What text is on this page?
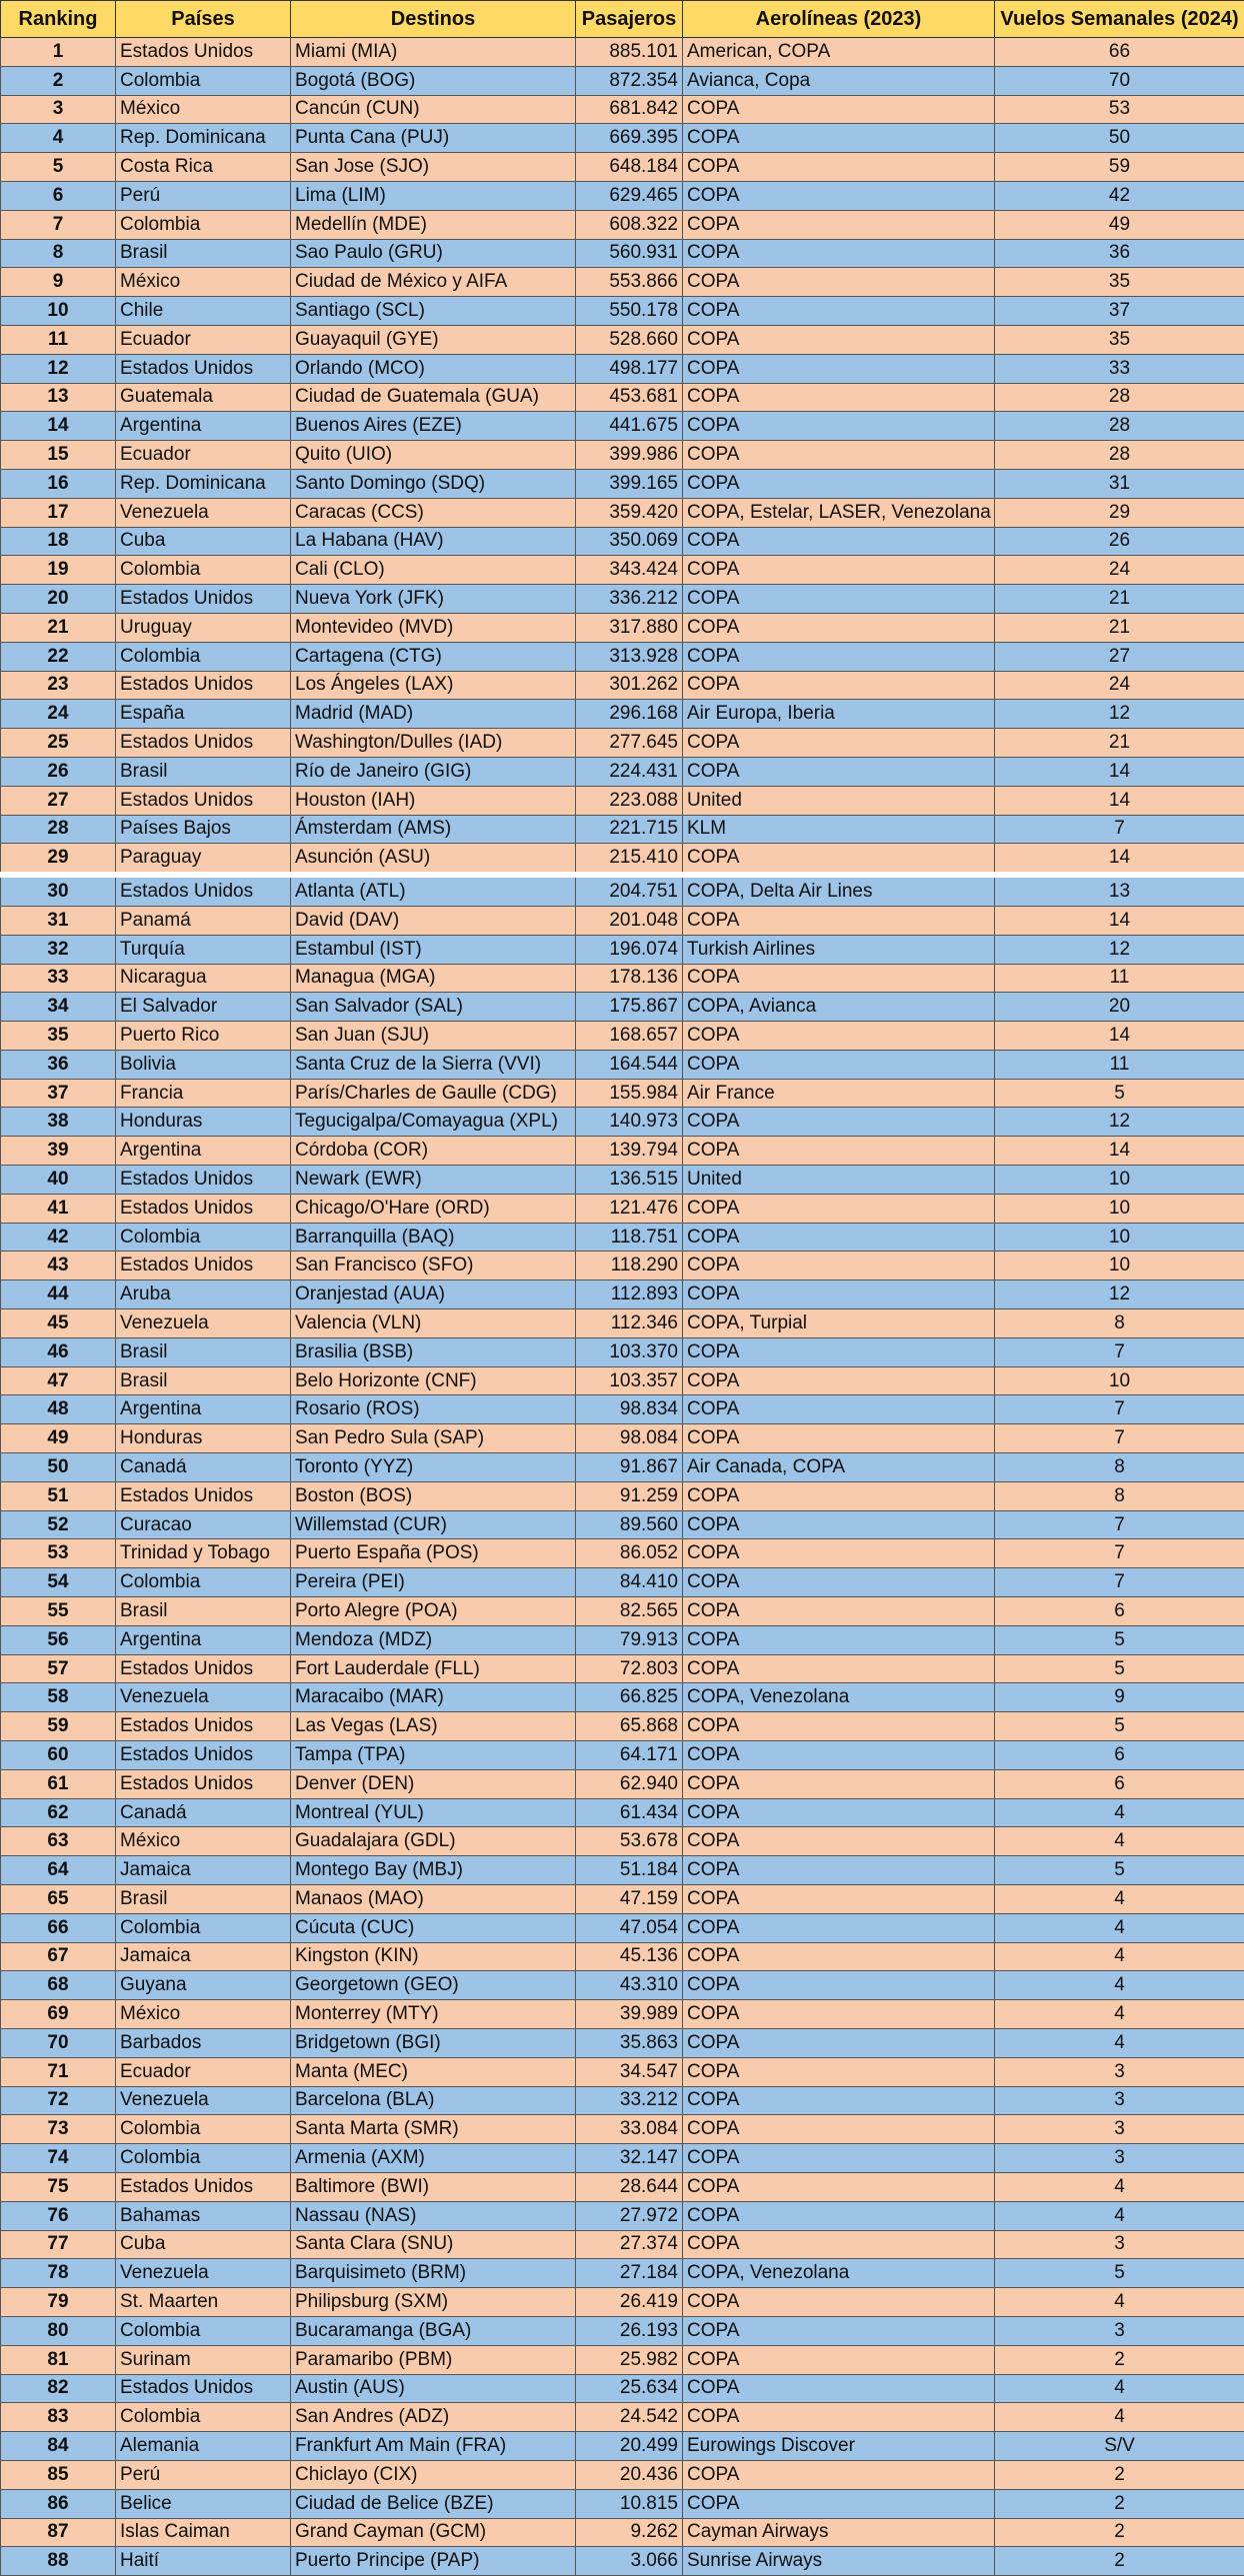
Ranking	Países	Destinos	Pasajeros	Aerolíneas (2023)	Vuelos Semanales (2024)
1	Estados Unidos	Miami (MIA)	885.101	American, COPA	66
2	Colombia	Bogotá (BOG)	872.354	Avianca, Copa	70
3	México	Cancún (CUN)	681.842	COPA	53
4	Rep. Dominicana	Punta Cana (PUJ)	669.395	COPA	50
5	Costa Rica	San Jose (SJO)	648.184	COPA	59
6	Perú	Lima (LIM)	629.465	COPA	42
7	Colombia	Medellín (MDE)	608.322	COPA	49
8	Brasil	Sao Paulo (GRU)	560.931	COPA	36
9	México	Ciudad de México y AIFA	553.866	COPA	35
10	Chile	Santiago (SCL)	550.178	COPA	37
11	Ecuador	Guayaquil (GYE)	528.660	COPA	35
12	Estados Unidos	Orlando (MCO)	498.177	COPA	33
13	Guatemala	Ciudad de Guatemala (GUA)	453.681	COPA	28
14	Argentina	Buenos Aires (EZE)	441.675	COPA	28
15	Ecuador	Quito (UIO)	399.986	COPA	28
16	Rep. Dominicana	Santo Domingo (SDQ)	399.165	COPA	31
17	Venezuela	Caracas (CCS)	359.420	COPA, Estelar, LASER, Venezolana	29
18	Cuba	La Habana (HAV)	350.069	COPA	26
19	Colombia	Cali (CLO)	343.424	COPA	24
20	Estados Unidos	Nueva York (JFK)	336.212	COPA	21
21	Uruguay	Montevideo (MVD)	317.880	COPA	21
22	Colombia	Cartagena (CTG)	313.928	COPA	27
23	Estados Unidos	Los Ángeles (LAX)	301.262	COPA	24
24	España	Madrid (MAD)	296.168	Air Europa, Iberia	12
25	Estados Unidos	Washington/Dulles (IAD)	277.645	COPA	21
26	Brasil	Río de Janeiro (GIG)	224.431	COPA	14
27	Estados Unidos	Houston (IAH)	223.088	United	14
28	Países Bajos	Ámsterdam (AMS)	221.715	KLM	7
29	Paraguay	Asunción (ASU)	215.410	COPA	14
30	Estados Unidos	Atlanta (ATL)	204.751	COPA, Delta Air Lines	13
31	Panamá	David (DAV)	201.048	COPA	14
32	Turquía	Estambul (IST)	196.074	Turkish Airlines	12
33	Nicaragua	Managua (MGA)	178.136	COPA	11
34	El Salvador	San Salvador (SAL)	175.867	COPA, Avianca	20
35	Puerto Rico	San Juan (SJU)	168.657	COPA	14
36	Bolivia	Santa Cruz de la Sierra (VVI)	164.544	COPA	11
37	Francia	París/Charles de Gaulle (CDG)	155.984	Air France	5
38	Honduras	Tegucigalpa/Comayagua (XPL)	140.973	COPA	12
39	Argentina	Córdoba (COR)	139.794	COPA	14
40	Estados Unidos	Newark (EWR)	136.515	United	10
41	Estados Unidos	Chicago/O'Hare (ORD)	121.476	COPA	10
42	Colombia	Barranquilla (BAQ)	118.751	COPA	10
43	Estados Unidos	San Francisco (SFO)	118.290	COPA	10
44	Aruba	Oranjestad (AUA)	112.893	COPA	12
45	Venezuela	Valencia (VLN)	112.346	COPA, Turpial	8
46	Brasil	Brasilia (BSB)	103.370	COPA	7
47	Brasil	Belo Horizonte (CNF)	103.357	COPA	10
48	Argentina	Rosario (ROS)	98.834	COPA	7
49	Honduras	San Pedro Sula (SAP)	98.084	COPA	7
50	Canadá	Toronto (YYZ)	91.867	Air Canada, COPA	8
51	Estados Unidos	Boston (BOS)	91.259	COPA	8
52	Curacao	Willemstad (CUR)	89.560	COPA	7
53	Trinidad y Tobago	Puerto España (POS)	86.052	COPA	7
54	Colombia	Pereira (PEI)	84.410	COPA	7
55	Brasil	Porto Alegre (POA)	82.565	COPA	6
56	Argentina	Mendoza (MDZ)	79.913	COPA	5
57	Estados Unidos	Fort Lauderdale (FLL)	72.803	COPA	5
58	Venezuela	Maracaibo (MAR)	66.825	COPA, Venezolana	9
59	Estados Unidos	Las Vegas (LAS)	65.868	COPA	5
60	Estados Unidos	Tampa (TPA)	64.171	COPA	6
61	Estados Unidos	Denver (DEN)	62.940	COPA	6
62	Canadá	Montreal (YUL)	61.434	COPA	4
63	México	Guadalajara (GDL)	53.678	COPA	4
64	Jamaica	Montego Bay (MBJ)	51.184	COPA	5
65	Brasil	Manaos (MAO)	47.159	COPA	4
66	Colombia	Cúcuta (CUC)	47.054	COPA	4
67	Jamaica	Kingston (KIN)	45.136	COPA	4
68	Guyana	Georgetown (GEO)	43.310	COPA	4
69	México	Monterrey (MTY)	39.989	COPA	4
70	Barbados	Bridgetown (BGI)	35.863	COPA	4
71	Ecuador	Manta (MEC)	34.547	COPA	3
72	Venezuela	Barcelona (BLA)	33.212	COPA	3
73	Colombia	Santa Marta (SMR)	33.084	COPA	3
74	Colombia	Armenia (AXM)	32.147	COPA	3
75	Estados Unidos	Baltimore (BWI)	28.644	COPA	4
76	Bahamas	Nassau (NAS)	27.972	COPA	4
77	Cuba	Santa Clara (SNU)	27.374	COPA	3
78	Venezuela	Barquisimeto (BRM)	27.184	COPA, Venezolana	5
79	St. Maarten	Philipsburg (SXM)	26.419	COPA	4
80	Colombia	Bucaramanga (BGA)	26.193	COPA	3
81	Surinam	Paramaribo (PBM)	25.982	COPA	2
82	Estados Unidos	Austin (AUS)	25.634	COPA	4
83	Colombia	San Andres (ADZ)	24.542	COPA	4
84	Alemania	Frankfurt Am Main (FRA)	20.499	Eurowings Discover	S/V
85	Perú	Chiclayo (CIX)	20.436	COPA	2
86	Belice	Ciudad de Belice (BZE)	10.815	COPA	2
87	Islas Caiman	Grand Cayman (GCM)	9.262	Cayman Airways	2
88	Haití	Puerto Principe (PAP)	3.066	Sunrise Airways	2
